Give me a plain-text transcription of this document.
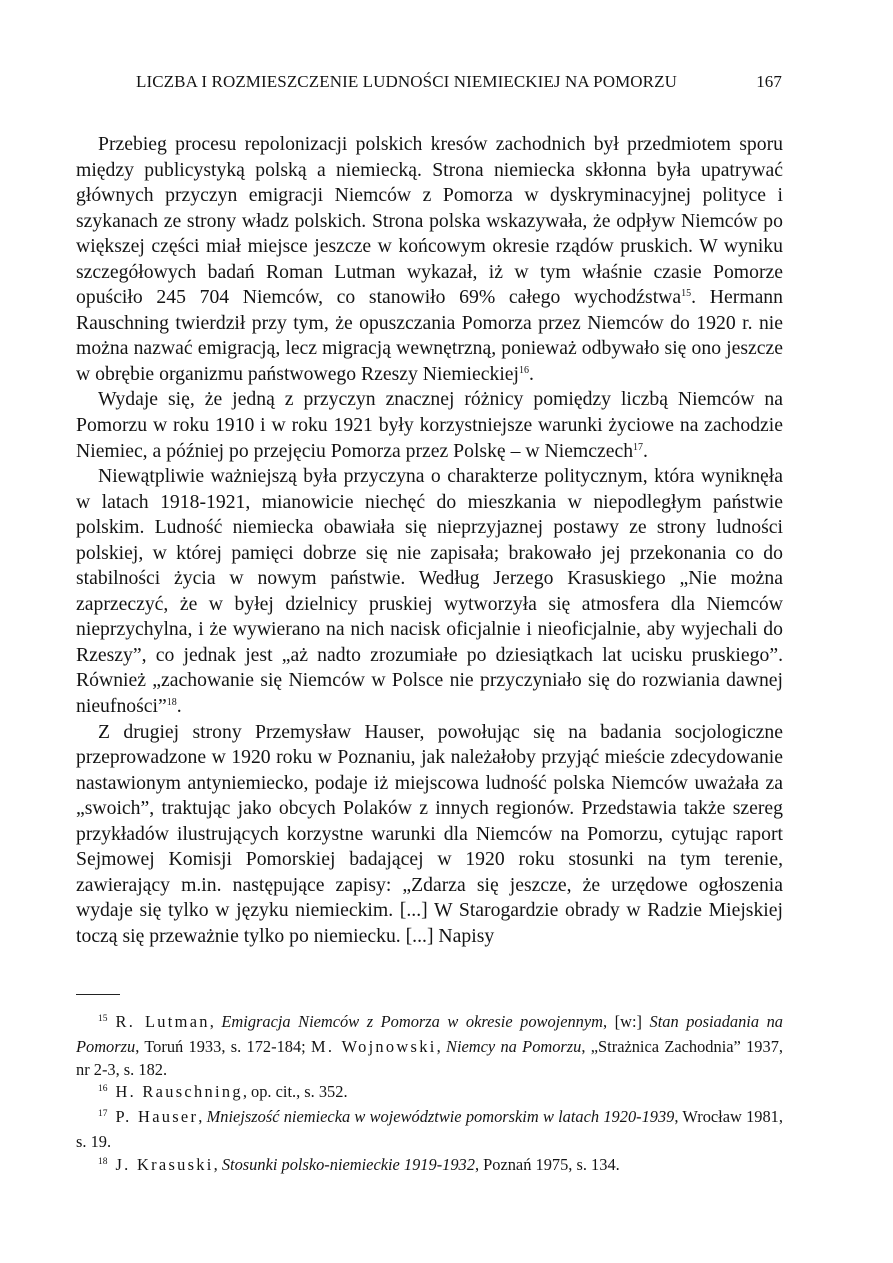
LICZBA I ROZMIESZCZENIE LUDNOŚCI NIEMIECKIEJ NA POMORZU	167

Przebieg procesu repolonizacji polskich kresów zachodnich był przedmiotem sporu między publicystyką polską a niemiecką. Strona niemiecka skłonna była upatrywać głównych przyczyn emigracji Niemców z Pomorza w dyskryminacyjnej polityce i szykanach ze strony władz polskich. Strona polska wskazywała, że odpływ Niemców po większej części miał miejsce jeszcze w końcowym okresie rządów pruskich. W wyniku szczegółowych badań Roman Lutman wykazał, iż w tym właśnie czasie Pomorze opuściło 245 704 Niemców, co stanowiło 69% całego wychodźstwa$^{15}$. Hermann Rauschning twierdził przy tym, że opuszczania Pomorza przez Niemców do 1920 r. nie można nazwać emigracją, lecz migracją wewnętrzną, ponieważ odbywało się ono jeszcze w obrębie organizmu państwowego Rzeszy Niemieckiej$^{16}$.

Wydaje się, że jedną z przyczyn znacznej różnicy pomiędzy liczbą Niemców na Pomorzu w roku 1910 i w roku 1921 były korzystniejsze warunki życiowe na zachodzie Niemiec, a później po przejęciu Pomorza przez Polskę – w Niemczech$^{17}$.

Niewątpliwie ważniejszą była przyczyna o charakterze politycznym, która wyniknęła w latach 1918-1921, mianowicie niechęć do mieszkania w niepodległym państwie polskim. Ludność niemiecka obawiała się nieprzyjaznej postawy ze strony ludności polskiej, w której pamięci dobrze się nie zapisała; brakowało jej przekonania co do stabilności życia w nowym państwie. Według Jerzego Krasuskiego „Nie można zaprzeczyć, że w byłej dzielnicy pruskiej wytworzyła się atmosfera dla Niemców nieprzychylna, i że wywierano na nich nacisk oficjalnie i nieoficjalnie, aby wyjechali do Rzeszy”, co jednak jest „aż nadto zrozumiałe po dziesiątkach lat ucisku pruskiego”. Również „zachowanie się Niemców w Polsce nie przyczyniało się do rozwiania dawnej nieufności”$^{18}$.

Z drugiej strony Przemysław Hauser, powołując się na badania socjologiczne przeprowadzone w 1920 roku w Poznaniu, jak należałoby przyjąć mieście zdecydowanie nastawionym antyniemiecko, podaje iż miejscowa ludność polska Niemców uważała za „swoich”, traktując jako obcych Polaków z innych regionów. Przedstawia także szereg przykładów ilustrujących korzystne warunki dla Niemców na Pomorzu, cytując raport Sejmowej Komisji Pomorskiej badającej w 1920 roku stosunki na tym terenie, zawierający m.in. następujące zapisy: „Zdarza się jeszcze, że urzędowe ogłoszenia wydaje się tylko w języku niemieckim. [...] W Starogardzie obrady w Radzie Miejskiej toczą się przeważnie tylko po niemiecku. [...] Napisy

$^{15}$ R. Lutman, Emigracja Niemców z Pomorza w okresie powojennym, [w:] Stan posiadania na Pomorzu, Toruń 1933, s. 172-184; M. Wojnowski, Niemcy na Pomorzu, „Strażnica Zachodnia” 1937, nr 2-3, s. 182.

$^{16}$ H. Rauschning, op. cit., s. 352.

$^{17}$ P. Hauser, Mniejszość niemiecka w województwie pomorskim w latach 1920-1939, Wrocław 1981, s. 19.

$^{18}$ J. Krasuski, Stosunki polsko-niemieckie 1919-1932, Poznań 1975, s. 134.
